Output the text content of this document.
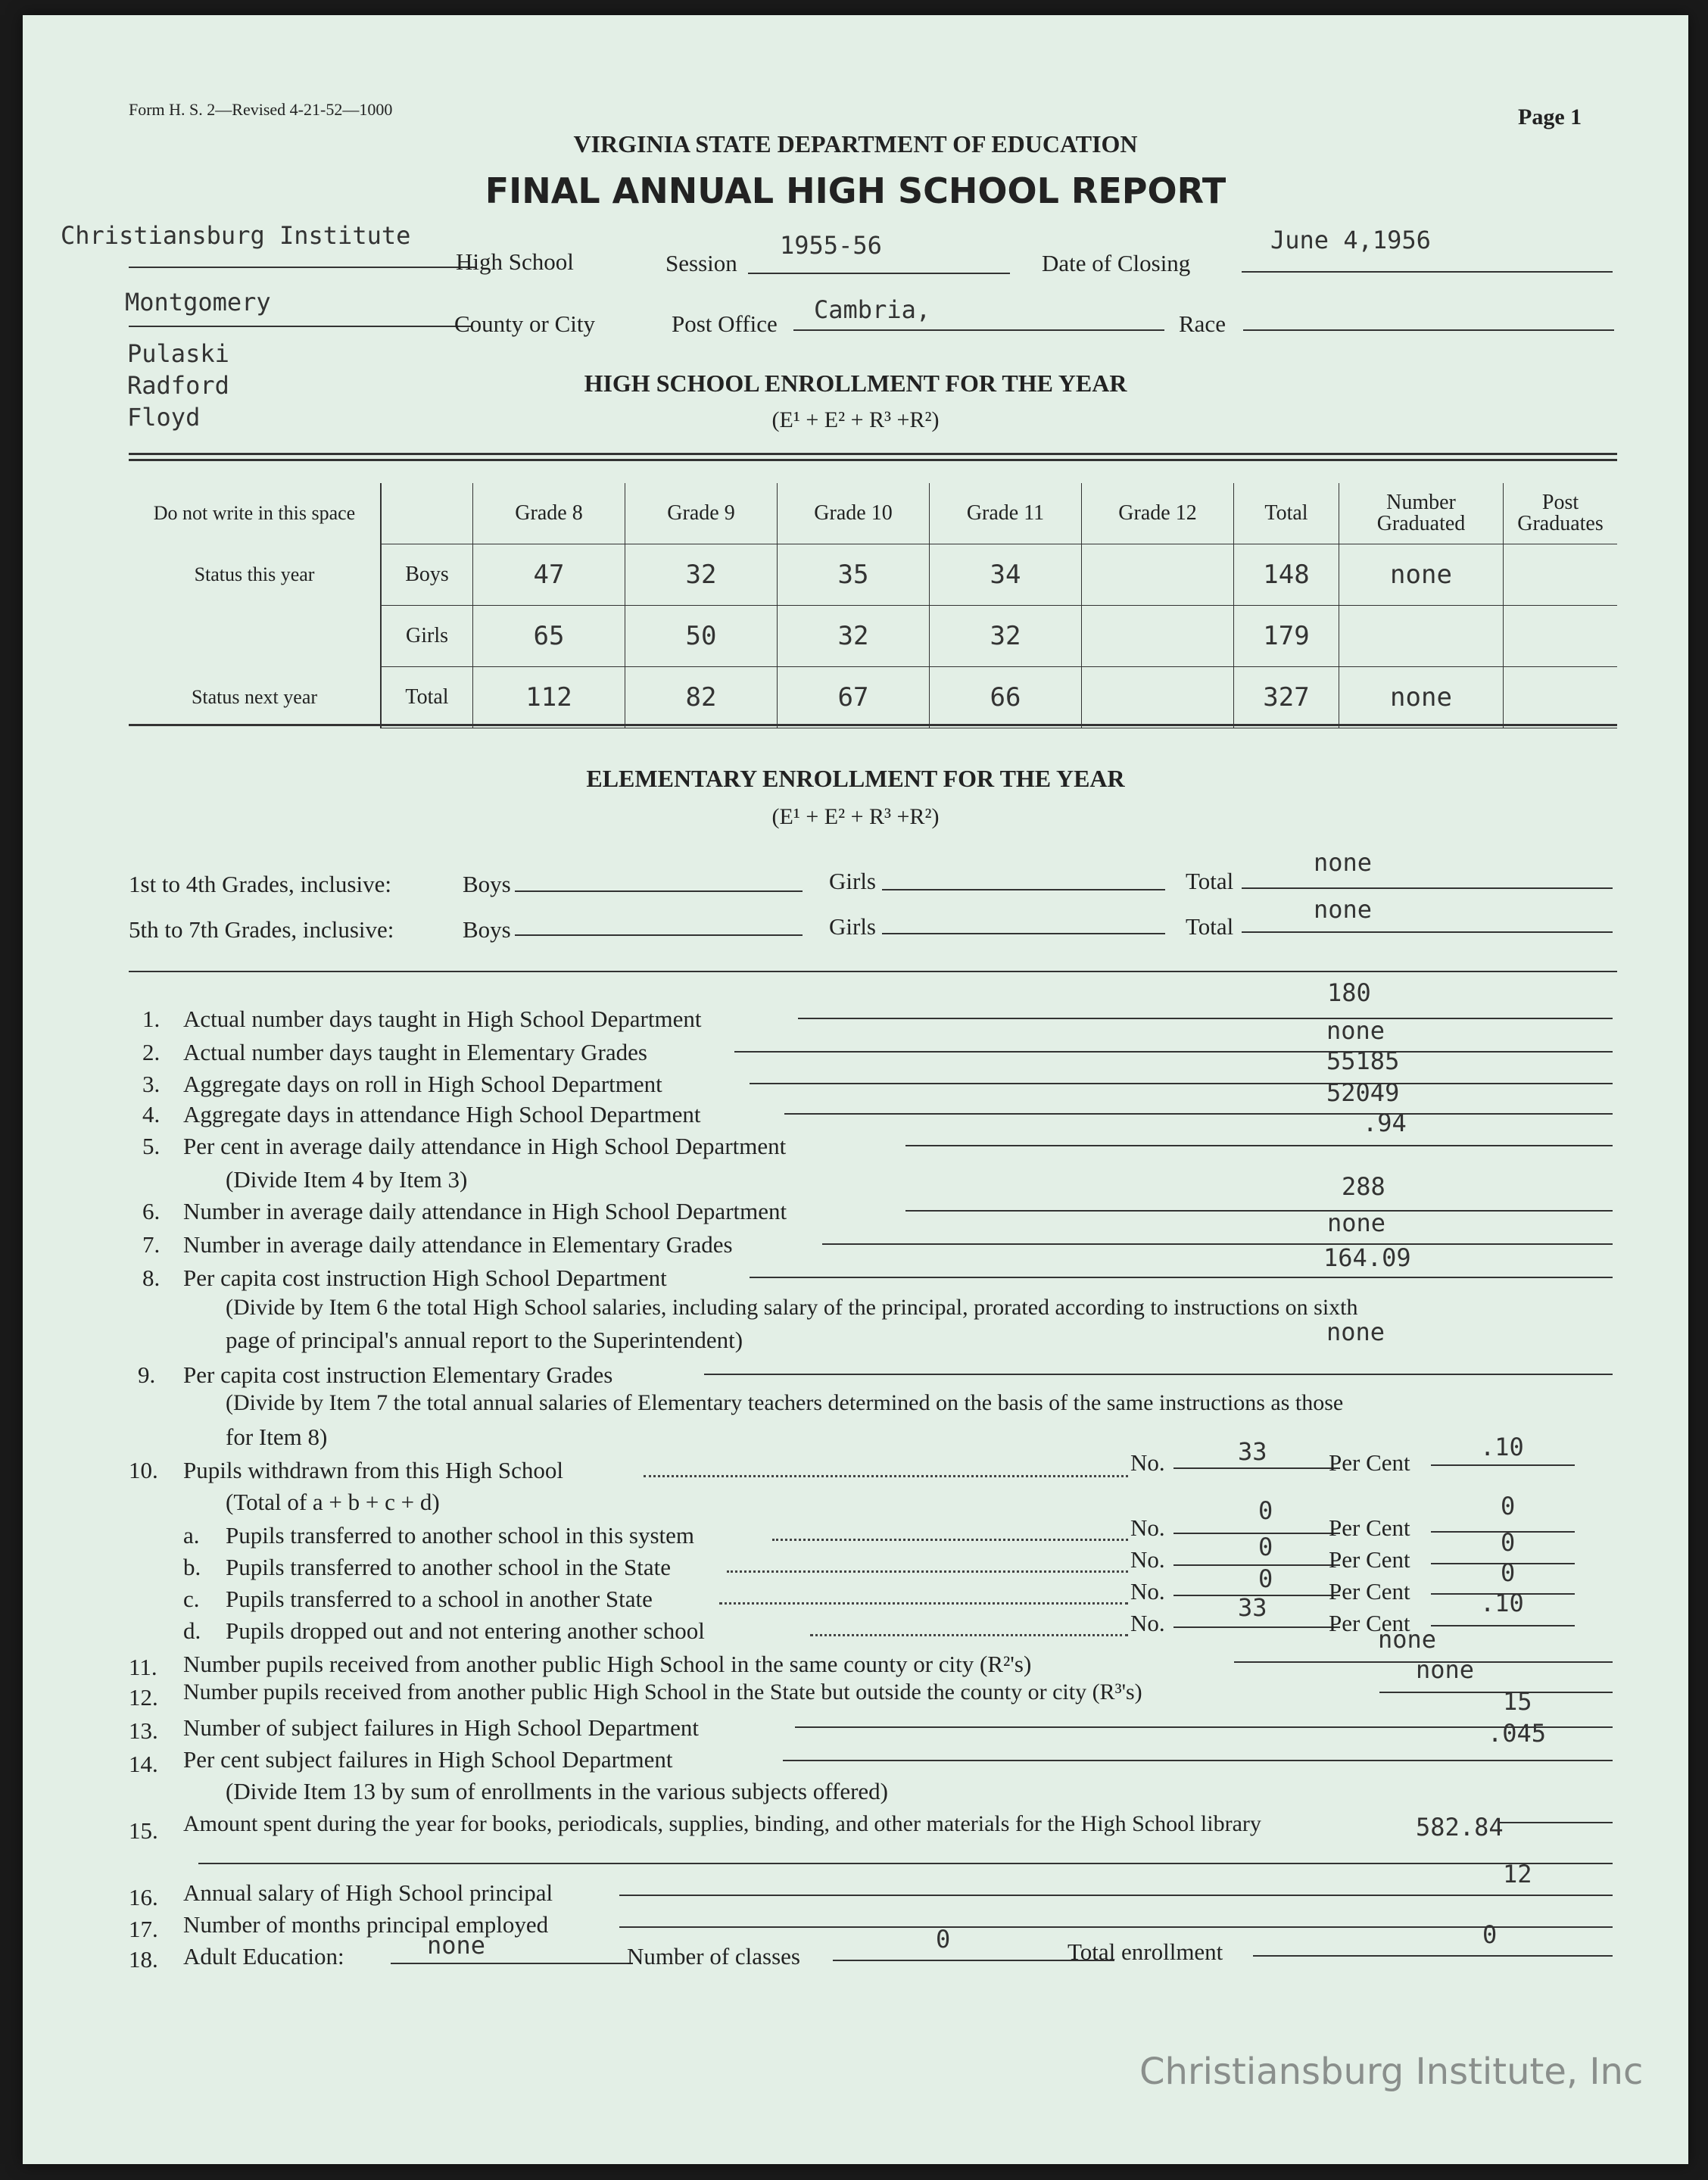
Form H. S. 2—Revised 4-21-52—1000	Page 1
VIRGINIA STATE DEPARTMENT OF EDUCATION
FINAL ANNUAL HIGH SCHOOL REPORT
Christiansburg Institute
High School	Session
1955-56
Date of Closing
June 4,1956
Montgomery
County or City	Post Office Cambria,	Race
Pulaski
Radford
Floyd
HIGH SCHOOL ENROLLMENT FOR THE YEAR
(E¹ + E² + R³ +R²)
Do not write in this space		Grade 8	Grade 9	Grade 10	Grade 11	Grade 12	Total	Number Graduated	Post Graduates
Status this year	Boys	47	32	35	34		148	none	
	Girls	65	50	32	32		179		
Status next year	Total	112	82	67	66		327	none	
ELEMENTARY ENROLLMENT FOR THE YEAR
(E¹ + E² + R³ +R²)
1st to 4th Grades, inclusive:	Boys	Girls	Total
none
5th to 7th Grades, inclusive:	Boys	Girls	Total
none
1. Actual number days taught in High School Department
180
2. Actual number days taught in Elementary Grades
none
3. Aggregate days on roll in High School Department
55185
4. Aggregate days in attendance High School Department
52049
5. Per cent in average daily attendance in High School Department
.94
(Divide Item 4 by Item 3)
6. Number in average daily attendance in High School Department
288
7. Number in average daily attendance in Elementary Grades
none
8. Per capita cost instruction High School Department
164.09
(Divide by Item 6 the total High School salaries, including salary of the principal, prorated according to instructions on sixth
page of principal's annual report to the Superintendent)	none
9. Per capita cost instruction Elementary Grades
(Divide by Item 7 the total annual salaries of Elementary teachers determined on the basis of the same instructions as those
for Item 8)
10. Pupils withdrawn from this High School	No.	33	Per Cent
.10
(Total of a + b + c + d)
a. Pupils transferred to another school in this system	No.
0
Per Cent
0
b. Pupils transferred to another school in the State	No.	0 Per Cent
0
c. Pupils transferred to a school in another State	No.	0 Per Cent
0
d. Pupils dropped out and not entering another school	No.
33
Per Cent
.10
11. Number pupils received from another public High School in the same county or city (R²'s)
none
12. Number pupils received from another public High School in the State but outside the county or city (R³'s)
none
13. Number of subject failures in High School Department
15
14. Per cent subject failures in High School Department
.045
(Divide Item 13 by sum of enrollments in the various subjects offered)
15. Amount spent during the year for books, periodicals, supplies, binding, and other materials for the High School library	582.84
16. Annual salary of High School principal
12
17. Number of months principal employed
18. Adult Education:	none	Number of classes
0	Total enrollment
0
Christiansburg Institute, Inc
